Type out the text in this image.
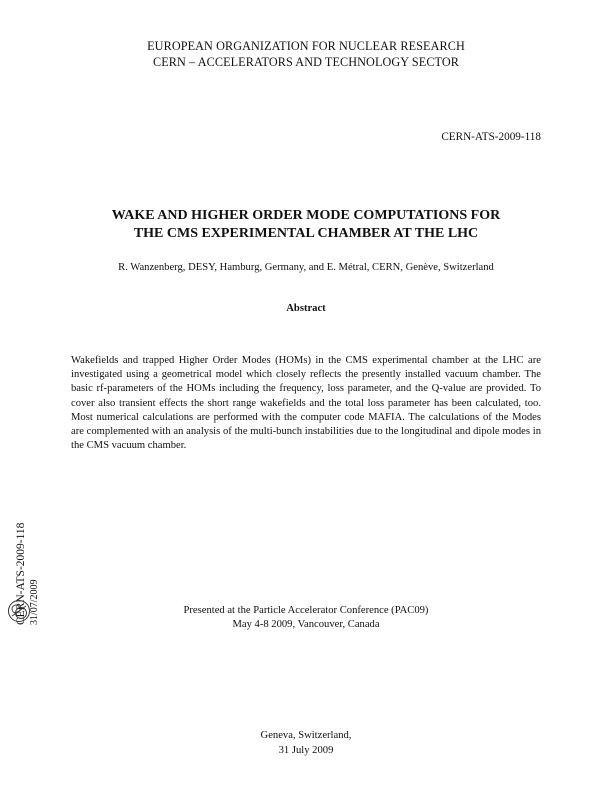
EUROPEAN ORGANIZATION FOR NUCLEAR RESEARCH
CERN – ACCELERATORS AND TECHNOLOGY SECTOR
CERN-ATS-2009-118
WAKE AND HIGHER ORDER MODE COMPUTATIONS FOR
THE CMS EXPERIMENTAL CHAMBER AT THE LHC
R. Wanzenberg, DESY, Hamburg, Germany, and E. Métral, CERN, Genève, Switzerland
Abstract
Wakefields and trapped Higher Order Modes (HOMs) in the CMS experimental chamber at the LHC are investigated using a geometrical model which closely reflects the presently installed vacuum chamber. The basic rf-parameters of the HOMs including the frequency, loss parameter, and the Q-value are provided. To cover also transient effects the short range wakefields and the total loss parameter has been calculated, too. Most numerical calculations are performed with the computer code MAFIA. The calculations of the Modes are complemented with an analysis of the multi-bunch instabilities due to the longitudinal and dipole modes in the CMS vacuum chamber.
Presented at the Particle Accelerator Conference (PAC09)
May 4-8 2009, Vancouver, Canada
Geneva, Switzerland,
31 July 2009
CERN-ATS-2009-118 31/07/2009
